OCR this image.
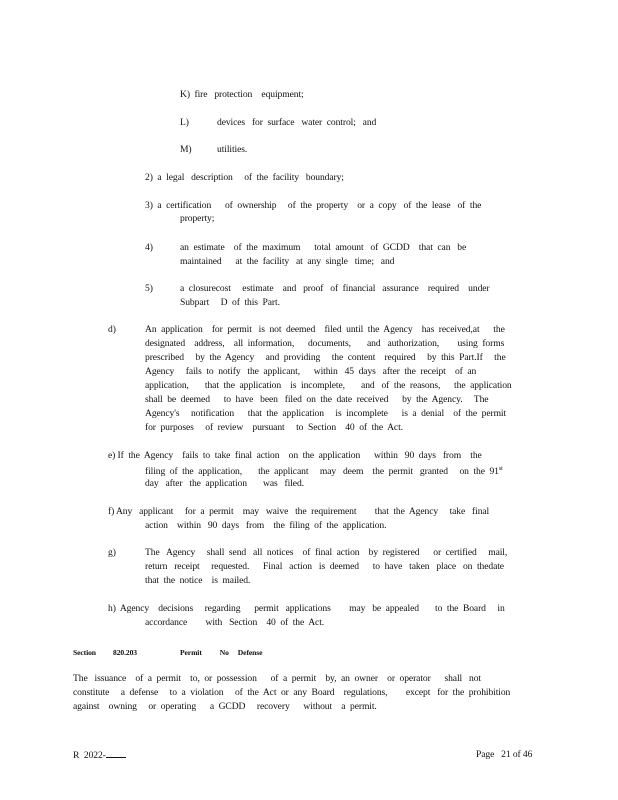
K)  fire   protection    equipment;
L)	devices   for  surface   water  control;   and
M)	utilities.
2)  a  legal   description     of  the  facility   boundary;
3)  a  certification      of  ownership     of  the  property    or  a  copy   of  the  lease   of  the
property;
4)	an  estimate    of  the  maximum      total  amount   of  GCDD    that  can   be
maintained      at  the  facility   at  any  single   time;   and
5)	a  closurecost     estimate    and   proof   of  financial   assurance    required    under
Subpart     D  of  this  Part.
d)	An  application    for  permit   is  not  deemed    filed  until  the  Agency    has  received,at      the
designated    address,    all  information,      documents,       and   authorization,        using  forms
prescribed     by  the  Agency     and  providing     the  content    required     by  this  Part.If     the
Agency     fails  to  notify   the  applicant,      within   45  days   after  the  receipt    of  an
application,       that  the  application    is  incomplete,       and   of  the  reasons,      the  application
shall  be  deemed      to  have   been   filed  on  the  date  received      by  the  Agency.     The
Agency's     notification      that  the  application     is  incomplete      is  a  denial    of  the  permit
for  purposes     of  review    pursuant     to  Section    40  of  the  Act.
e) If  the  Agency    fails  to  take  final  action    on  the  application      within   90  days   from    the
filing  of  the  application,       the  applicant     may   deem    the  permit   granted     on  the  91st
day   after   the  application       was   filed.
f) Any   applicant     for  a  permit    may   waive   the  requirement        that  the  Agency     take   final
action    within   90  days   from    the  filing  of  the  application.
g)	The   Agency     shall  send   all  notices    of  final  action    by  registered      or  certified     mail,
return   receipt     requested.      Final   action   is  deemed      to  have   taken   place   on  thedate
that  the  notice    is  mailed.
h)  Agency    decisions     regarding      permit   applications        may   be  appealed       to  the  Board     in
accordance        with   Section    40  of  the  Act.
Section 820.203	Permit          No     Defense
The   issuance    of  a  permit    to,  or  possession      of  a  permit    by,  an  owner    or  operator      shall   not
constitute     a  defense     to  a  violation     of  the  Act  or  any  Board    regulations,        except   for  the  prohibition
against    owning     or  operating      a  GCDD     recovery      without    a  permit.
R  2022-	Page   21 of 46
